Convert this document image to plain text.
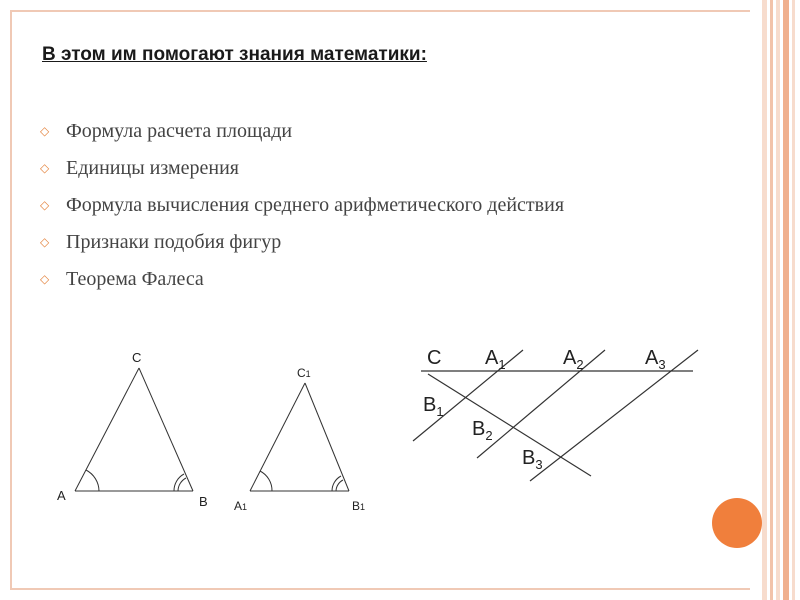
В этом им помогают знания математики:
◇ Формула расчета площади
◇ Единицы измерения
◇ Формула вычисления среднего арифметического действия
◇ Признаки подобия фигур
◇ Теорема Фалеса
C
A	B
C1
A1	B1
C $A_1$	$A_2$	$A_3$
$B_1$
$B_2$
$B_3$
